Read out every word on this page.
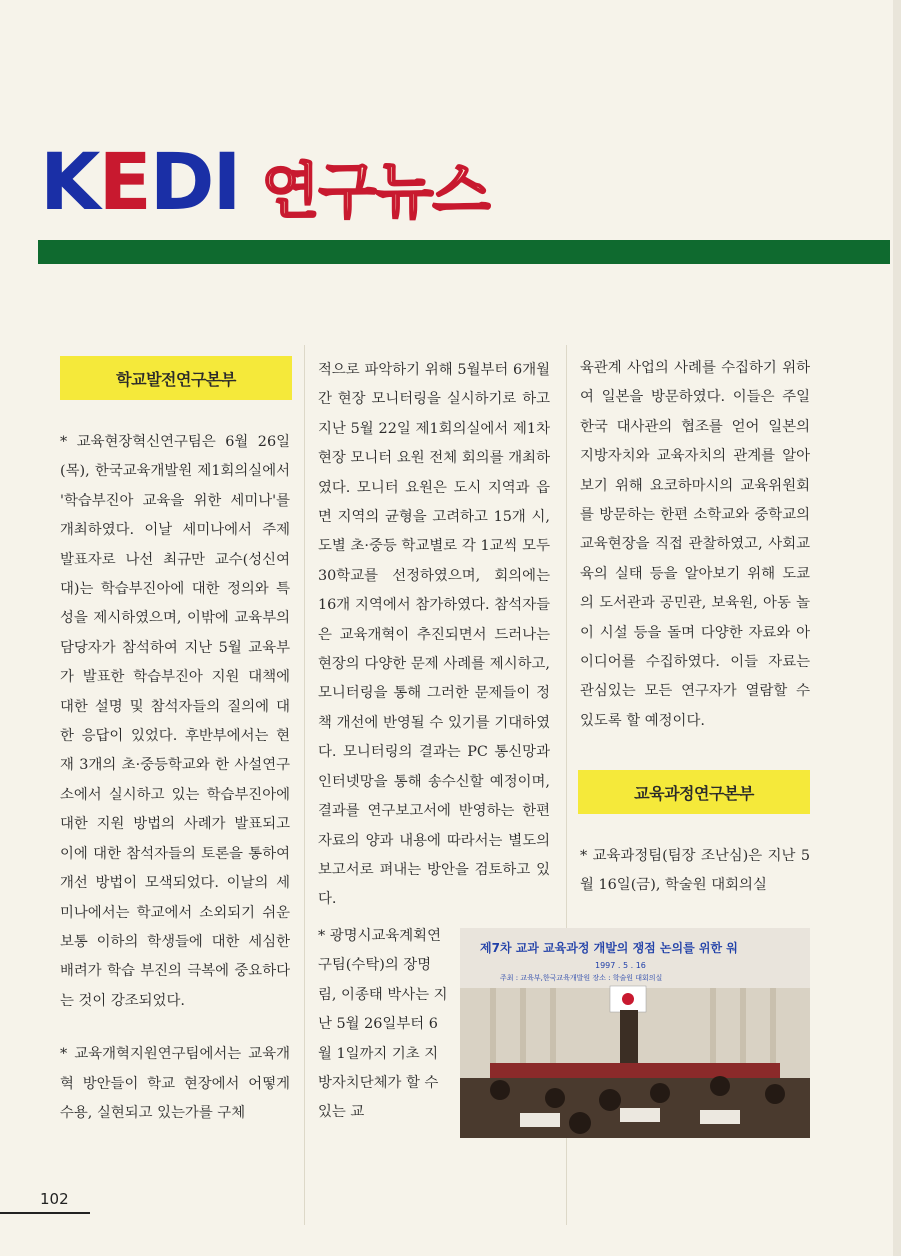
KEDI 연구뉴스
학교발전연구본부

* 교육현장혁신연구팀은 6월 26일(목), 한국교육개발원 제1회의실에서 '학습부진아 교육을 위한 세미나'를 개최하였다. 이날 세미나에서 주제 발표자로 나선 최규만 교수(성신여대)는 학습부진아에 대한 정의와 특성을 제시하였으며, 이밖에 교육부의 담당자가 참석하여 지난 5월 교육부가 발표한 학습부진아 지원 대책에 대한 설명 및 참석자들의 질의에 대한 응답이 있었다. 후반부에서는 현재 3개의 초·중등학교와 한 사설연구소에서 실시하고 있는 학습부진아에 대한 지원 방법의 사례가 발표되고 이에 대한 참석자들의 토론을 통하여 개선 방법이 모색되었다. 이날의 세미나에서는 학교에서 소외되기 쉬운 보통 이하의 학생들에 대한 세심한 배려가 학습 부진의 극복에 중요하다는 것이 강조되었다.

* 교육개혁지원연구팀에서는 교육개혁 방안들이 학교 현장에서 어떻게 수용, 실현되고 있는가를 구체

적으로 파악하기 위해 5월부터 6개월간 현장 모니터링을 실시하기로 하고 지난 5월 22일 제1회의실에서 제1차 현장 모니터 요원 전체 회의를 개최하였다. 모니터 요원은 도시 지역과 읍면 지역의 균형을 고려하고 15개 시, 도별 초·중등 학교별로 각 1교씩 모두 30학교를 선정하였으며, 회의에는 16개 지역에서 참가하였다. 참석자들은 교육개혁이 추진되면서 드러나는 현장의 다양한 문제 사례를 제시하고, 모니터링을 통해 그러한 문제들이 정책 개선에 반영될 수 있기를 기대하였다. 모니터링의 결과는 PC 통신망과 인터넷망을 통해 송수신할 예정이며, 결과를 연구보고서에 반영하는 한편 자료의 양과 내용에 따라서는 별도의 보고서로 펴내는 방안을 검토하고 있다.

* 광명시교육계획연구팀(수탁)의 장명림, 이종태 박사는 지난 5월 26일부터 6월 1일까지 기초 지방자치단체가 할 수 있는 교

육관계 사업의 사례를 수집하기 위하여 일본을 방문하였다. 이들은 주일 한국 대사관의 협조를 얻어 일본의 지방자치와 교육자치의 관계를 알아보기 위해 요코하마시의 교육위원회를 방문하는 한편 소학교와 중학교의 교육현장을 직접 관찰하였고, 사회교육의 실태 등을 알아보기 위해 도쿄의 도서관과 공민관, 보육원, 아동 놀이 시설 등을 돌며 다양한 자료와 아이디어를 수집하였다. 이들 자료는 관심있는 모든 연구자가 열람할 수 있도록 할 예정이다.

교육과정연구본부
* 교육과정팀(팀장 조난심)은 지난 5월 16일(금), 학술원 대회의실
제7차 교과 교육과정 개발의 쟁점 논의를 위한 워
1997 . 5 . 16
주최 : 교육부,한국교육개발원 장소 : 학술원 대회의실
102
